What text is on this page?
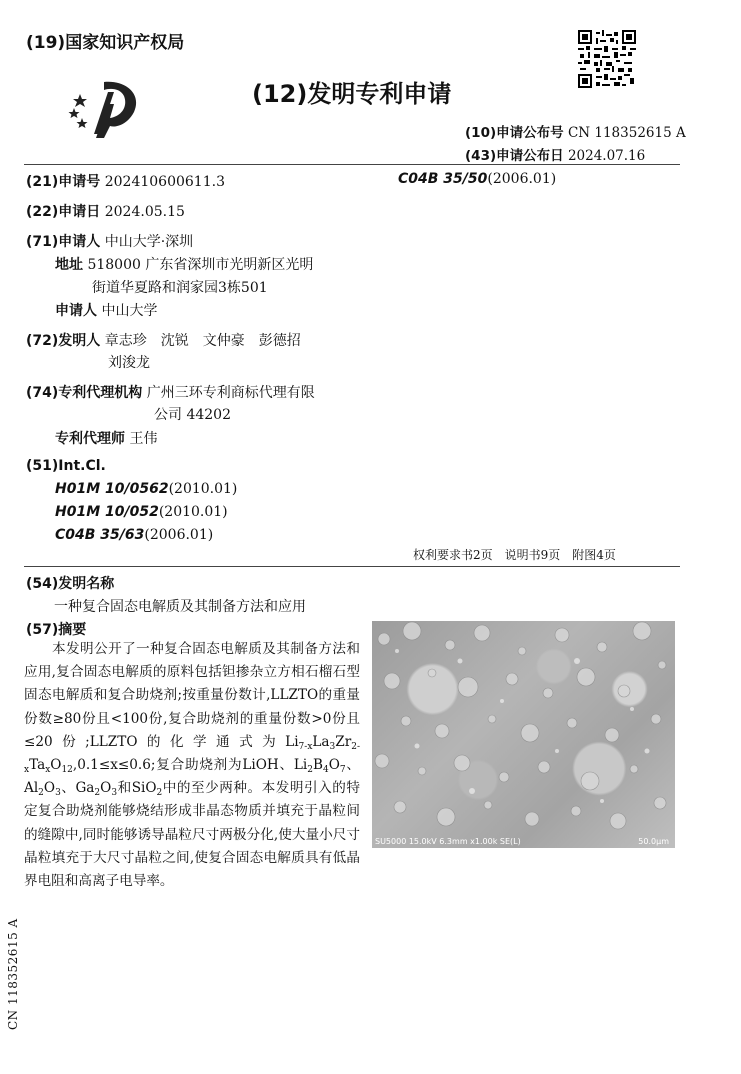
(19)国家知识产权局
(12)发明专利申请
(10)申请公布号 CN 118352615 A
(43)申请公布日 2024.07.16
(21)申请号 202410600611.3	C04B 35/50(2006.01)
(22)申请日 2024.05.15
(71)申请人 中山大学·深圳
地址 518000 广东省深圳市光明新区光明
街道华夏路和润家园3栋501
申请人 中山大学
(72)发明人 章志珍　沈锐　文仲豪　彭德招
刘浚龙
(74)专利代理机构 广州三环专利商标代理有限
公司 44202
专利代理师 王伟
(51)Int.Cl.
H01M 10/0562(2010.01)
H01M 10/052(2010.01)
C04B 35/63(2006.01)
权利要求书2页　说明书9页　附图4页
(54)发明名称
一种复合固态电解质及其制备方法和应用
(57)摘要

本发明公开了一种复合固态电解质及其制备方法和应用,复合固态电解质的原料包括钽掺杂立方相石榴石型固态电解质和复合助烧剂;按重量份数计,LLZTO的重量份数≥80份且<100份,复合助烧剂的重量份数>0份且≤20份;LLZTO的化学通式为$Li_{7-x}La_3Zr_{2-x}Ta_xO_{12},0.1\le x\le 0.6$;复合助烧剂为LiOH、$Li_2B_4O_7$、$Al_2O_3$、$Ga_2O_3$和SiO$_2$中的至少两种。本发明引入的特定复合助烧剂能够烧结形成非晶态物质并填充于晶粒间的缝隙中,同时能够诱导晶粒尺寸两极分化,使大量小尺寸晶粒填充于大尺寸晶粒之间,使复合固态电解质具有低晶界电阻和高离子电导率。

SU5000 15.0kV 6.3mm x1.00k SE(L)	50.0μm
CN 118352615 A
